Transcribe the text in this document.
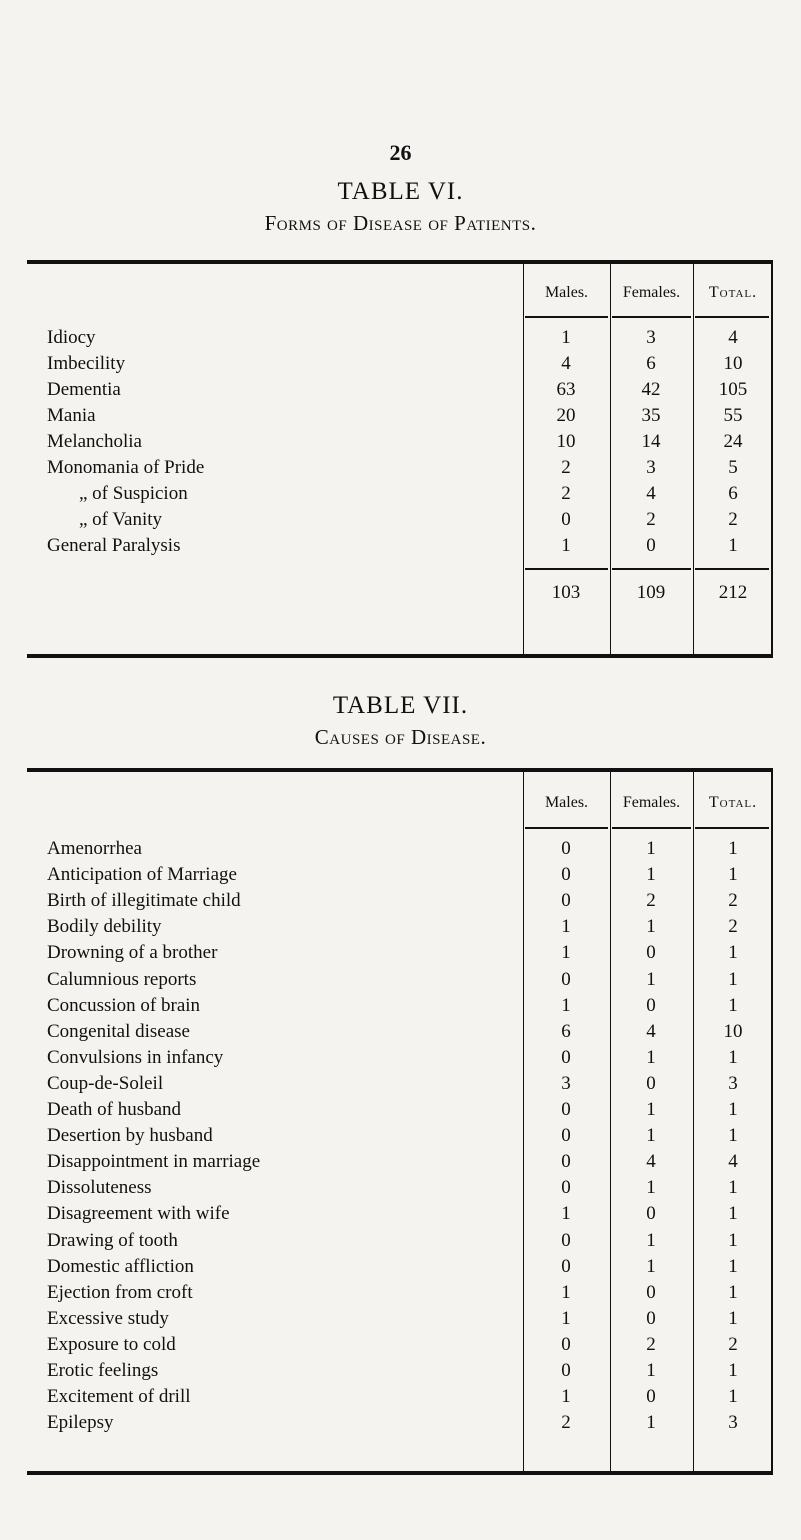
26
TABLE VI.
Forms of Disease of Patients.
Males.	Females.	Total.
Idiocy	1	3	4
Imbecility	4	6	10
Dementia	63	42	105
Mania	20	35	55
Melancholia	10	14	24
Monomania of Pride	2	3	5
„ of Suspicion	2	4	6
„ of Vanity	0	2	2
General Paralysis	1	0	1
103	109	212
TABLE VII.
Causes of Disease.
Males.	Females.	Total.
Amenorrhea	0	1	1
Anticipation of Marriage	0	1	1
Birth of illegitimate child	0	2	2
Bodily debility	1	1	2
Drowning of a brother	1	0	1
Calumnious reports	0	1	1
Concussion of brain	1	0	1
Congenital disease	6	4	10
Convulsions in infancy	0	1	1
Coup-de-Soleil	3	0	3
Death of husband	0	1	1
Desertion by husband	0	1	1
Disappointment in marriage	0	4	4
Dissoluteness	0	1	1
Disagreement with wife	1	0	1
Drawing of tooth	0	1	1
Domestic affliction	0	1	1
Ejection from croft	1	0	1
Excessive study	1	0	1
Exposure to cold	0	2	2
Erotic feelings	0	1	1
Excitement of drill	1	0	1
Epilepsy	2	1	3
